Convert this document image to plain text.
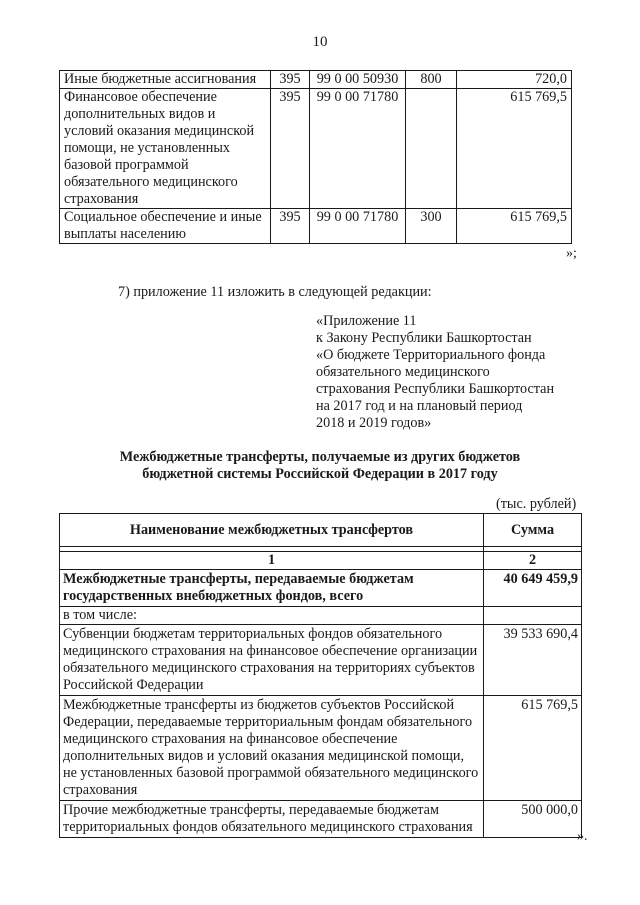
10
Иные бюджетные ассигнования	395	99 0 00 50930	800	720,0
Финансовое обеспечение дополнительных видов и условий оказания медицинской помощи, не установленных базовой программой обязательного медицинского страхования	395	99 0 00 71780		615 769,5
Социальное обеспечение и иные выплаты населению	395	99 0 00 71780	300	615 769,5
»;
7) приложение 11 изложить в следующей редакции:
«Приложение 11
к Закону Республики Башкортостан
«О бюджете Территориального фонда
обязательного медицинского
страхования Республики Башкортостан
на 2017 год и на плановый период
2018 и 2019 годов»
Межбюджетные трансферты, получаемые из других бюджетов
бюджетной системы Российской Федерации в 2017 году
(тыс. рублей)
Наименование межбюджетных трансфертов	Сумма

1	2
Межбюджетные трансферты, передаваемые бюджетам государственных внебюджетных фондов, всего	40 649 459,9
в том числе:	
Субвенции бюджетам территориальных фондов обязательного медицинского страхования на финансовое обеспечение организации обязательного медицинского страхования на территориях субъектов Российской Федерации	39 533 690,4
Межбюджетные трансферты из бюджетов субъектов Российской Федерации, передаваемые территориальным фондам обязательного медицинского страхования на финансовое обеспечение дополнительных видов и условий оказания медицинской помощи, не установленных базовой программой обязательного медицинского страхования	615 769,5
Прочие межбюджетные трансферты, передаваемые бюджетам территориальных фондов обязательного медицинского страхования	500 000,0
».
